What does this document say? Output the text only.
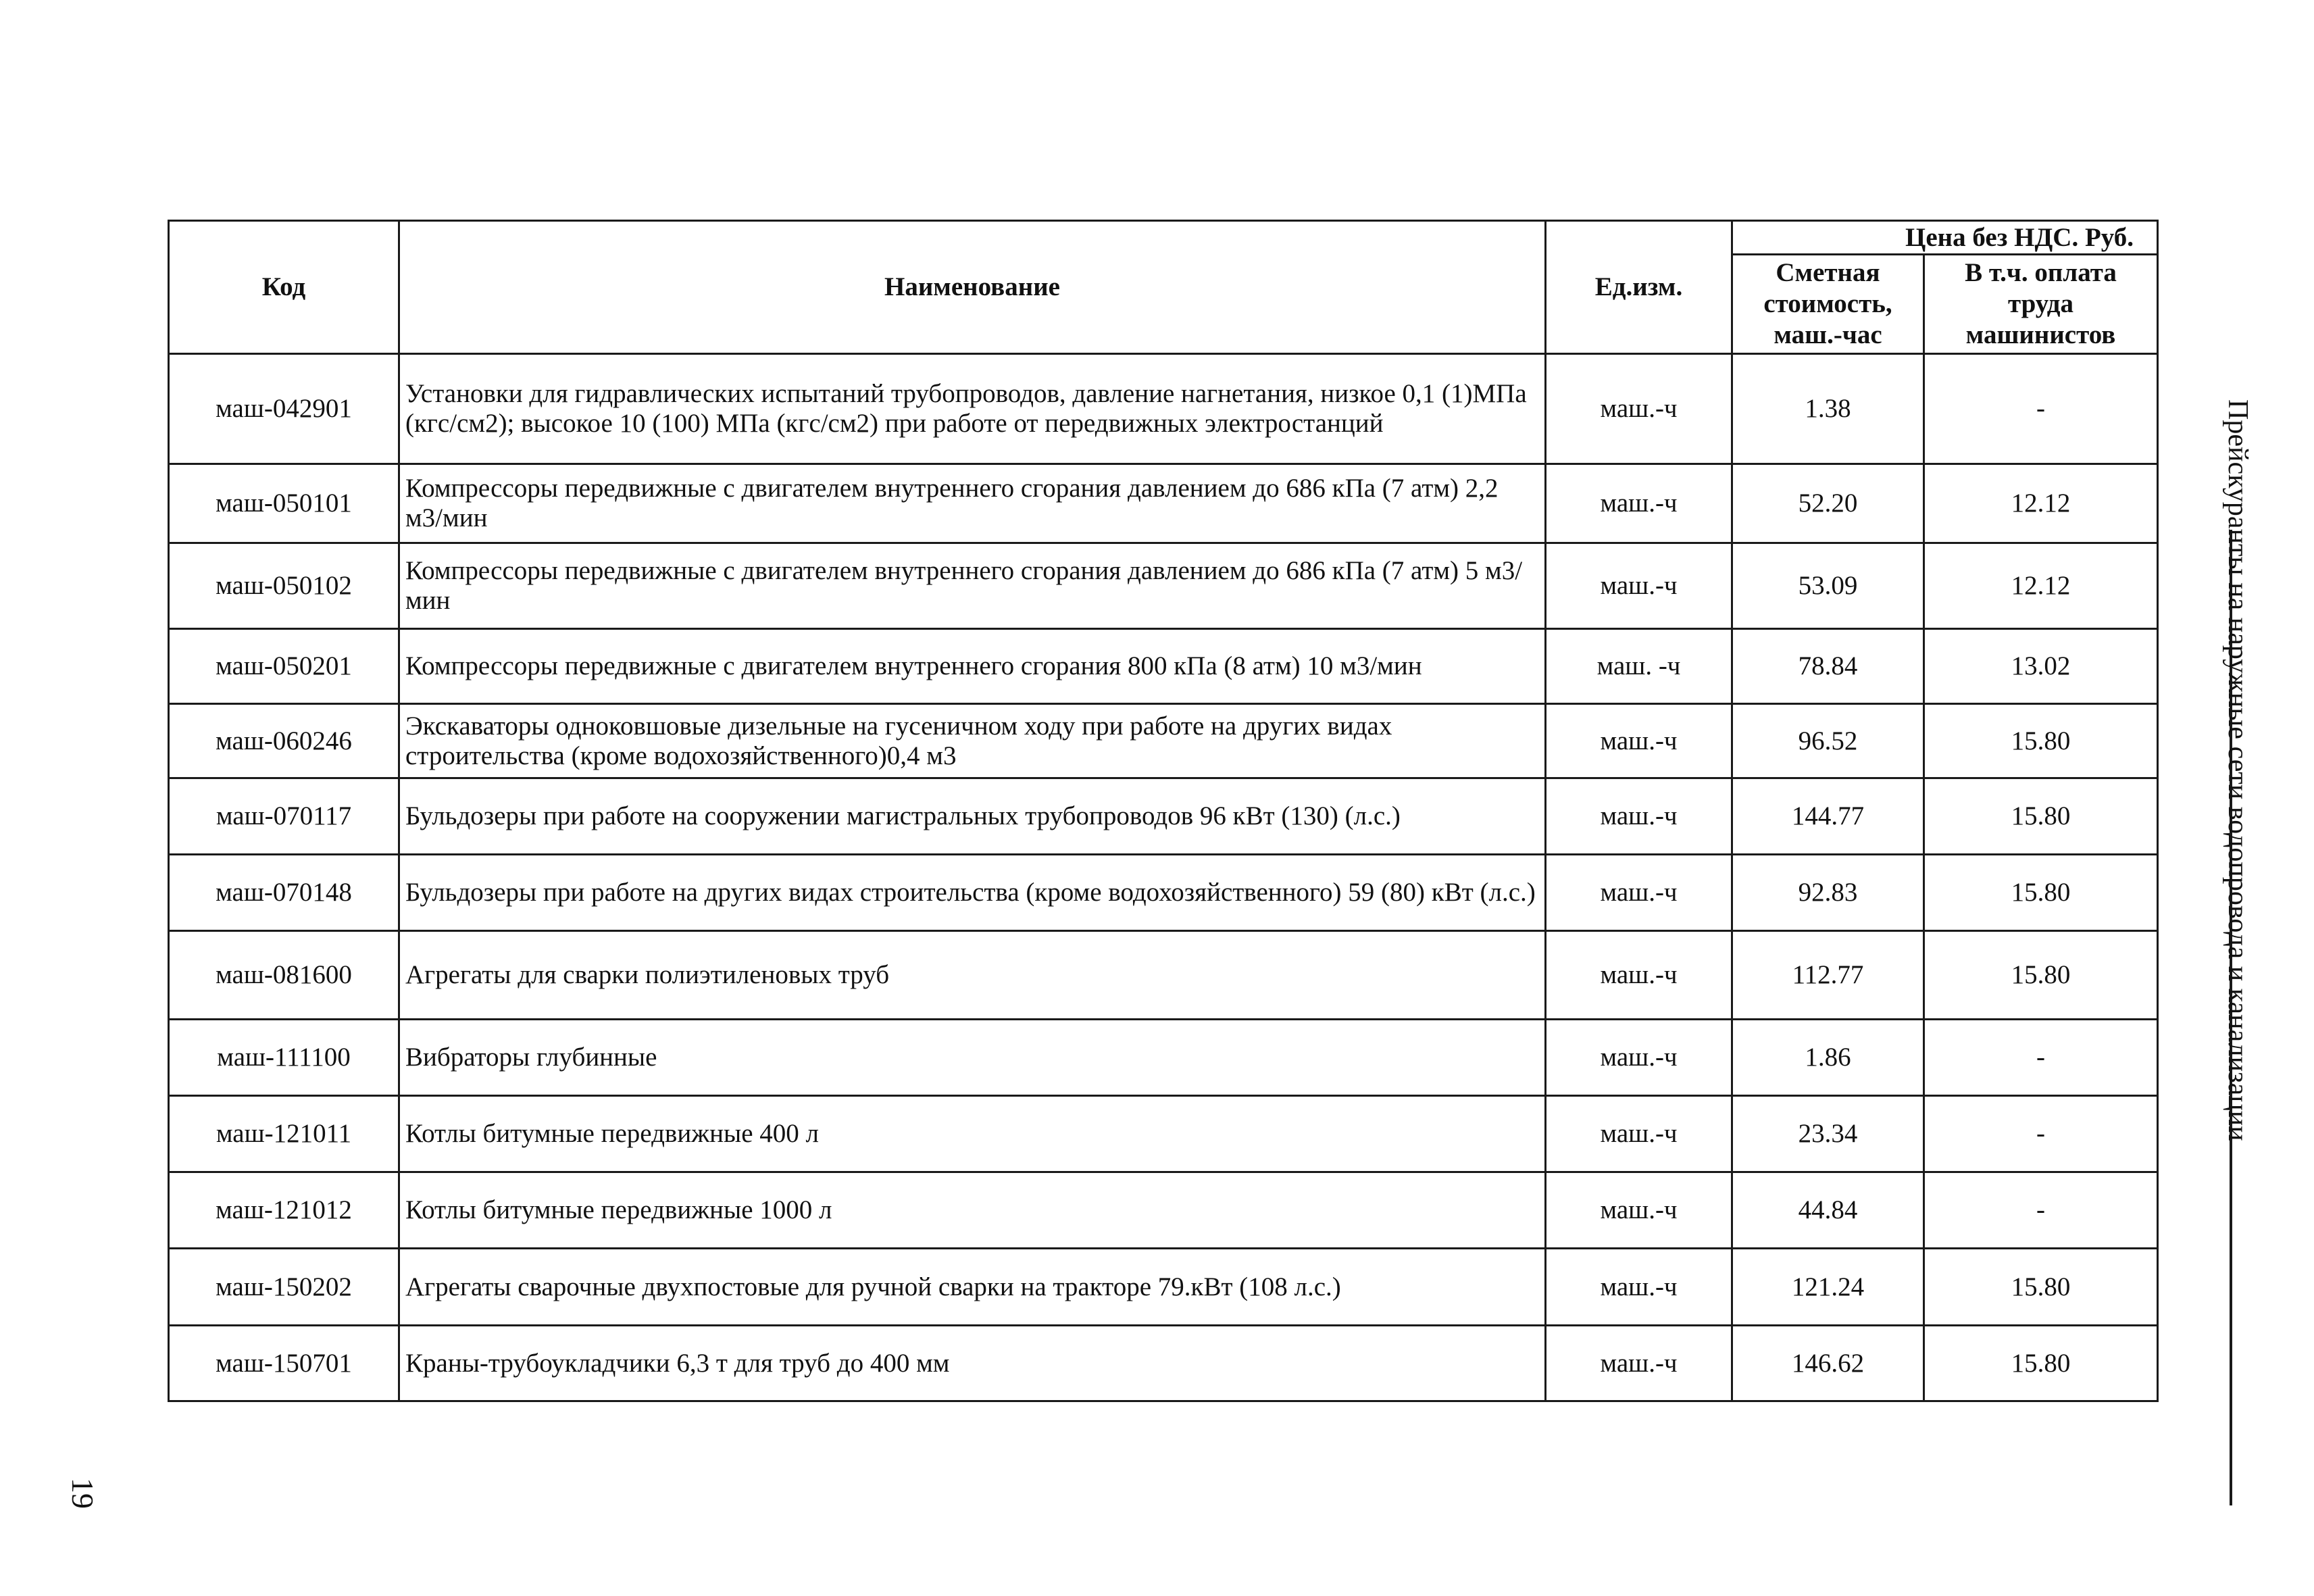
Код	Наименование	Ед.изм.	Цена без НДС. Руб.	
			Сметная стоимость, маш.-час	В т.ч. оплата труда машинистов
маш-042901	Установки для гидравлических испытаний трубопроводов, давление нагнетания, низкое 0,1 (1)МПа (кгс/см2); высокое 10 (100) МПа (кгс/см2) при работе от передвижных электростанций	маш.-ч	1.38	-
маш-050101	Компрессоры передвижные с двигателем внутреннего сгорания давлением до 686 кПа (7 атм) 2,2 м3/мин	маш.-ч	52.20	12.12
маш-050102	Компрессоры передвижные с двигателем внутреннего сгорания давлением до 686 кПа (7 атм) 5 м3/мин	маш.-ч	53.09	12.12
маш-050201	Компрессоры передвижные с двигателем внутреннего сгорания 800 кПа (8 атм) 10 м3/мин	маш. -ч	78.84	13.02
маш-060246	Экскаваторы одноковшовые дизельные на гусеничном ходу при работе на других видах строительства (кроме водохозяйственного)0,4 м3	маш.-ч	96.52	15.80
маш-070117	Бульдозеры при работе на сооружении магистральных трубопроводов 96 кВт (130) (л.с.)	маш.-ч	144.77	15.80
маш-070148	Бульдозеры при работе на других видах строительства (кроме водохозяйственного) 59 (80) кВт (л.с.)	маш.-ч	92.83	15.80
маш-081600	Агрегаты для сварки полиэтиленовых труб	маш.-ч	112.77	15.80
маш-111100	Вибраторы глубинные	маш.-ч	1.86	-
маш-121011	Котлы битумные передвижные 400 л	маш.-ч	23.34	-
маш-121012	Котлы битумные передвижные 1000 л	маш.-ч	44.84	-
маш-150202	Агрегаты сварочные двухпостовые для ручной сварки на тракторе 79.кВт (108 л.с.)	маш.-ч	121.24	15.80
маш-150701	Краны-трубоукладчики 6,3 т для труб до 400 мм	маш.-ч	146.62	15.80
Прейскуранты на наружные сети водопровода и канализации
19
